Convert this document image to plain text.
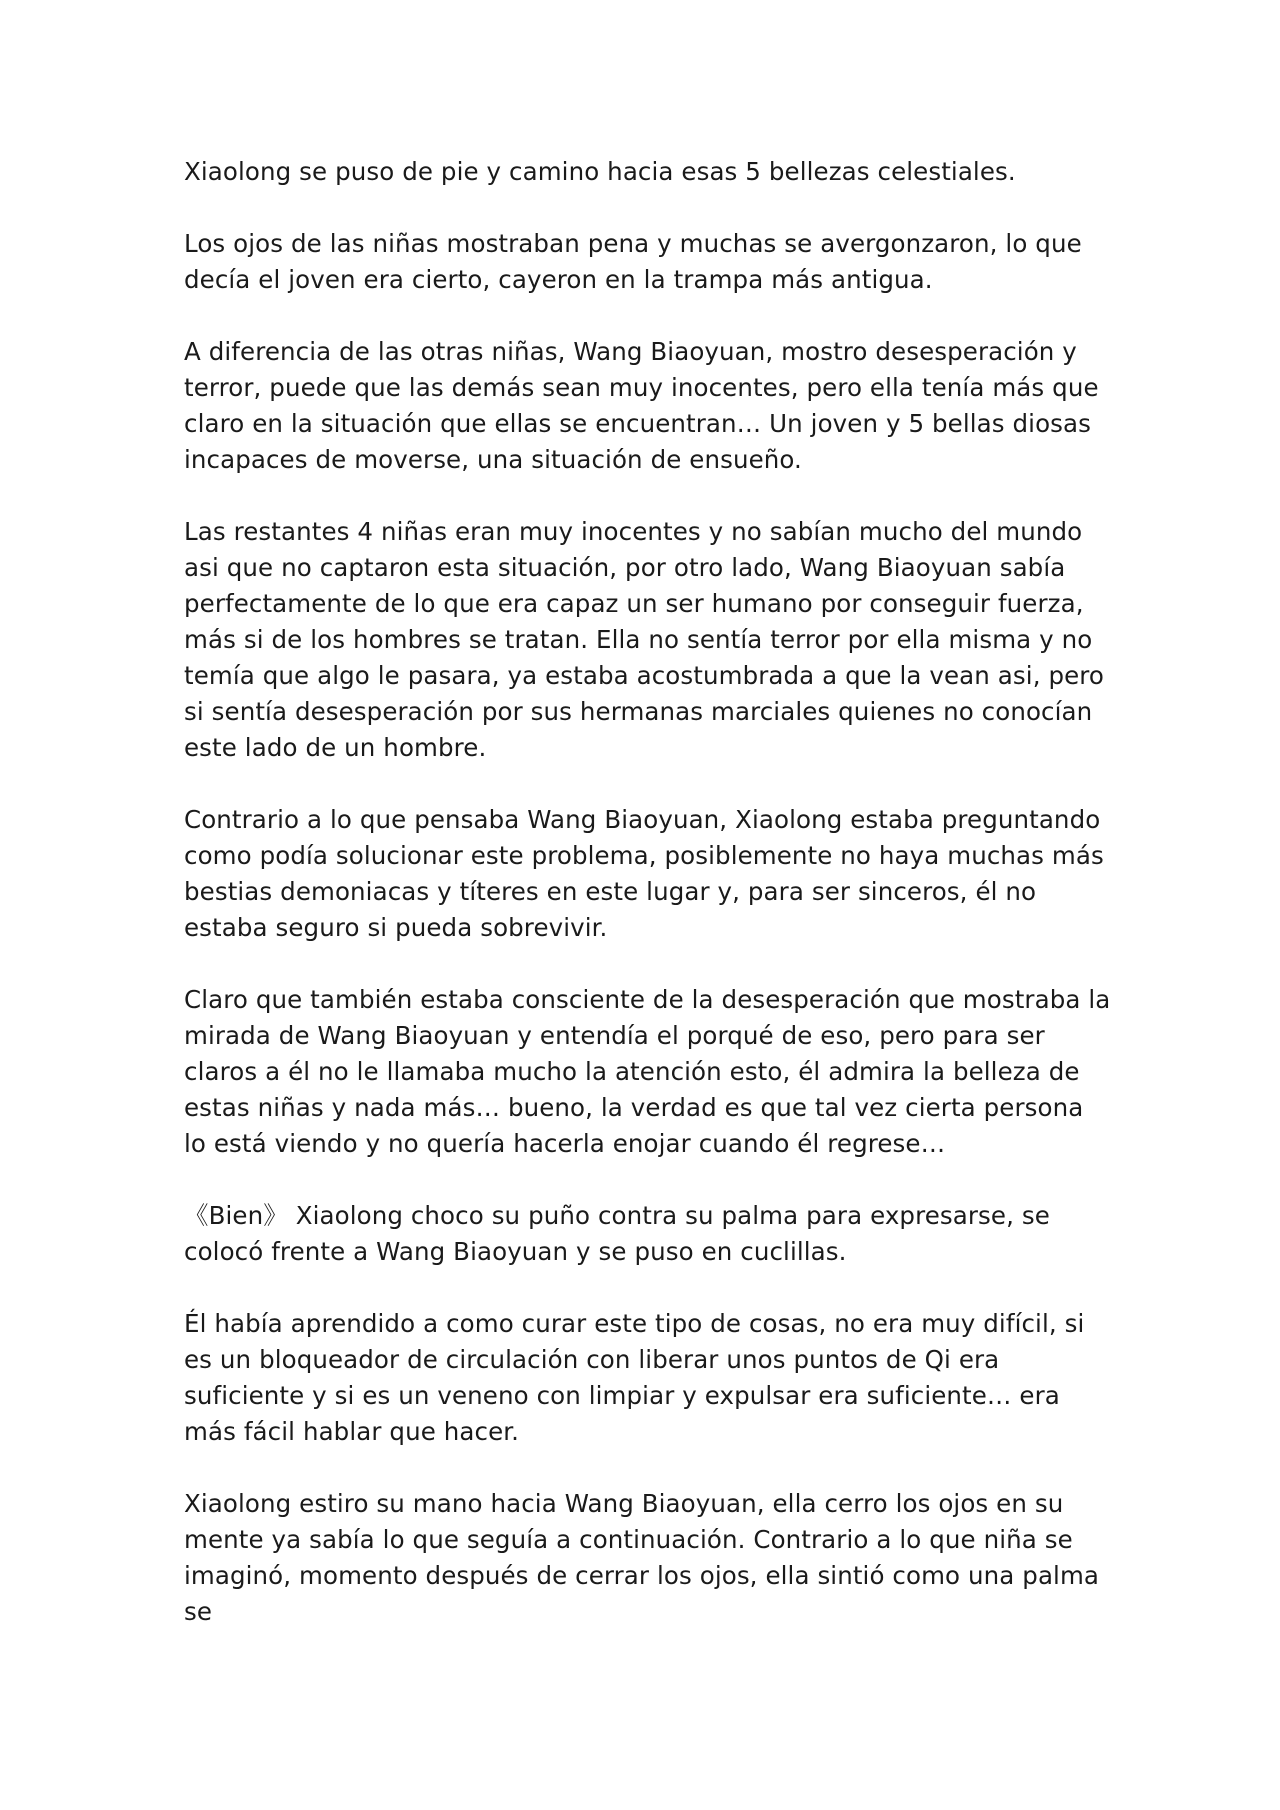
Xiaolong se puso de pie y camino hacia esas 5 bellezas celestiales.

Los ojos de las niñas mostraban pena y muchas se avergonzaron, lo que decía el joven era cierto, cayeron en la trampa más antigua.

A diferencia de las otras niñas, Wang Biaoyuan, mostro desesperación y terror, puede que las demás sean muy inocentes, pero ella tenía más que claro en la situación que ellas se encuentran… Un joven y 5 bellas diosas incapaces de moverse, una situación de ensueño.

Las restantes 4 niñas eran muy inocentes y no sabían mucho del mundo asi que no captaron esta situación, por otro lado, Wang Biaoyuan sabía perfectamente de lo que era capaz un ser humano por conseguir fuerza, más si de los hombres se tratan. Ella no sentía terror por ella misma y no temía que algo le pasara, ya estaba acostumbrada a que la vean asi, pero si sentía desesperación por sus hermanas marciales quienes no conocían este lado de un hombre.

Contrario a lo que pensaba Wang Biaoyuan, Xiaolong estaba preguntando como podía solucionar este problema, posiblemente no haya muchas más bestias demoniacas y títeres en este lugar y, para ser sinceros, él no estaba seguro si pueda sobrevivir.

Claro que también estaba consciente de la desesperación que mostraba la mirada de Wang Biaoyuan y entendía el porqué de eso, pero para ser claros a él no le llamaba mucho la atención esto, él admira la belleza de estas niñas y nada más… bueno, la verdad es que tal vez cierta persona lo está viendo y no quería hacerla enojar cuando él regrese…

《Bien》 Xiaolong choco su puño contra su palma para expresarse, se colocó frente a Wang Biaoyuan y se puso en cuclillas.

Él había aprendido a como curar este tipo de cosas, no era muy difícil, si es un bloqueador de circulación con liberar unos puntos de Qi era suficiente y si es un veneno con limpiar y expulsar era suficiente… era más fácil hablar que hacer.

Xiaolong estiro su mano hacia Wang Biaoyuan, ella cerro los ojos en su mente ya sabía lo que seguía a continuación. Contrario a lo que niña se imaginó, momento después de cerrar los ojos, ella sintió como una palma se
